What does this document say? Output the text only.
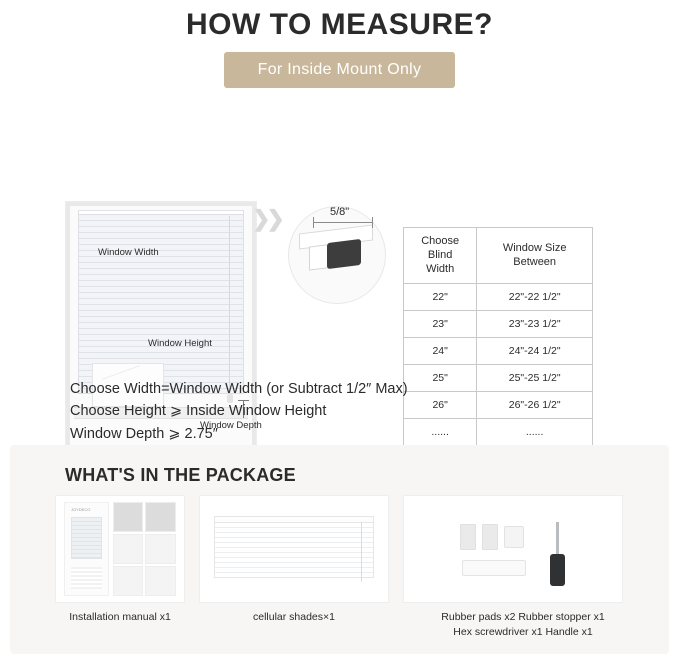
HOW TO MEASURE?
For Inside Mount Only
Window Width
Window Height
Window Depth
❯❯	5/8"
Choose Blind
Width	Window Size Between
22"	22"-22 1/2"
23"	23"-23 1/2"
24"	24"-24 1/2"
25"	25"-25 1/2"
26"	26"-26 1/2"
......	......

Choose Width=Window Width (or Subtract 1/2″ Max)
Choose Height ⩾ Inside Window Height
Window Depth ⩾ 2.75″
WHAT'S IN THE PACKAGE
JOYDECO
Installation manual x1	cellular shades×1	Rubber pads x2 Rubber stopper x1
Hex screwdriver x1 Handle x1
